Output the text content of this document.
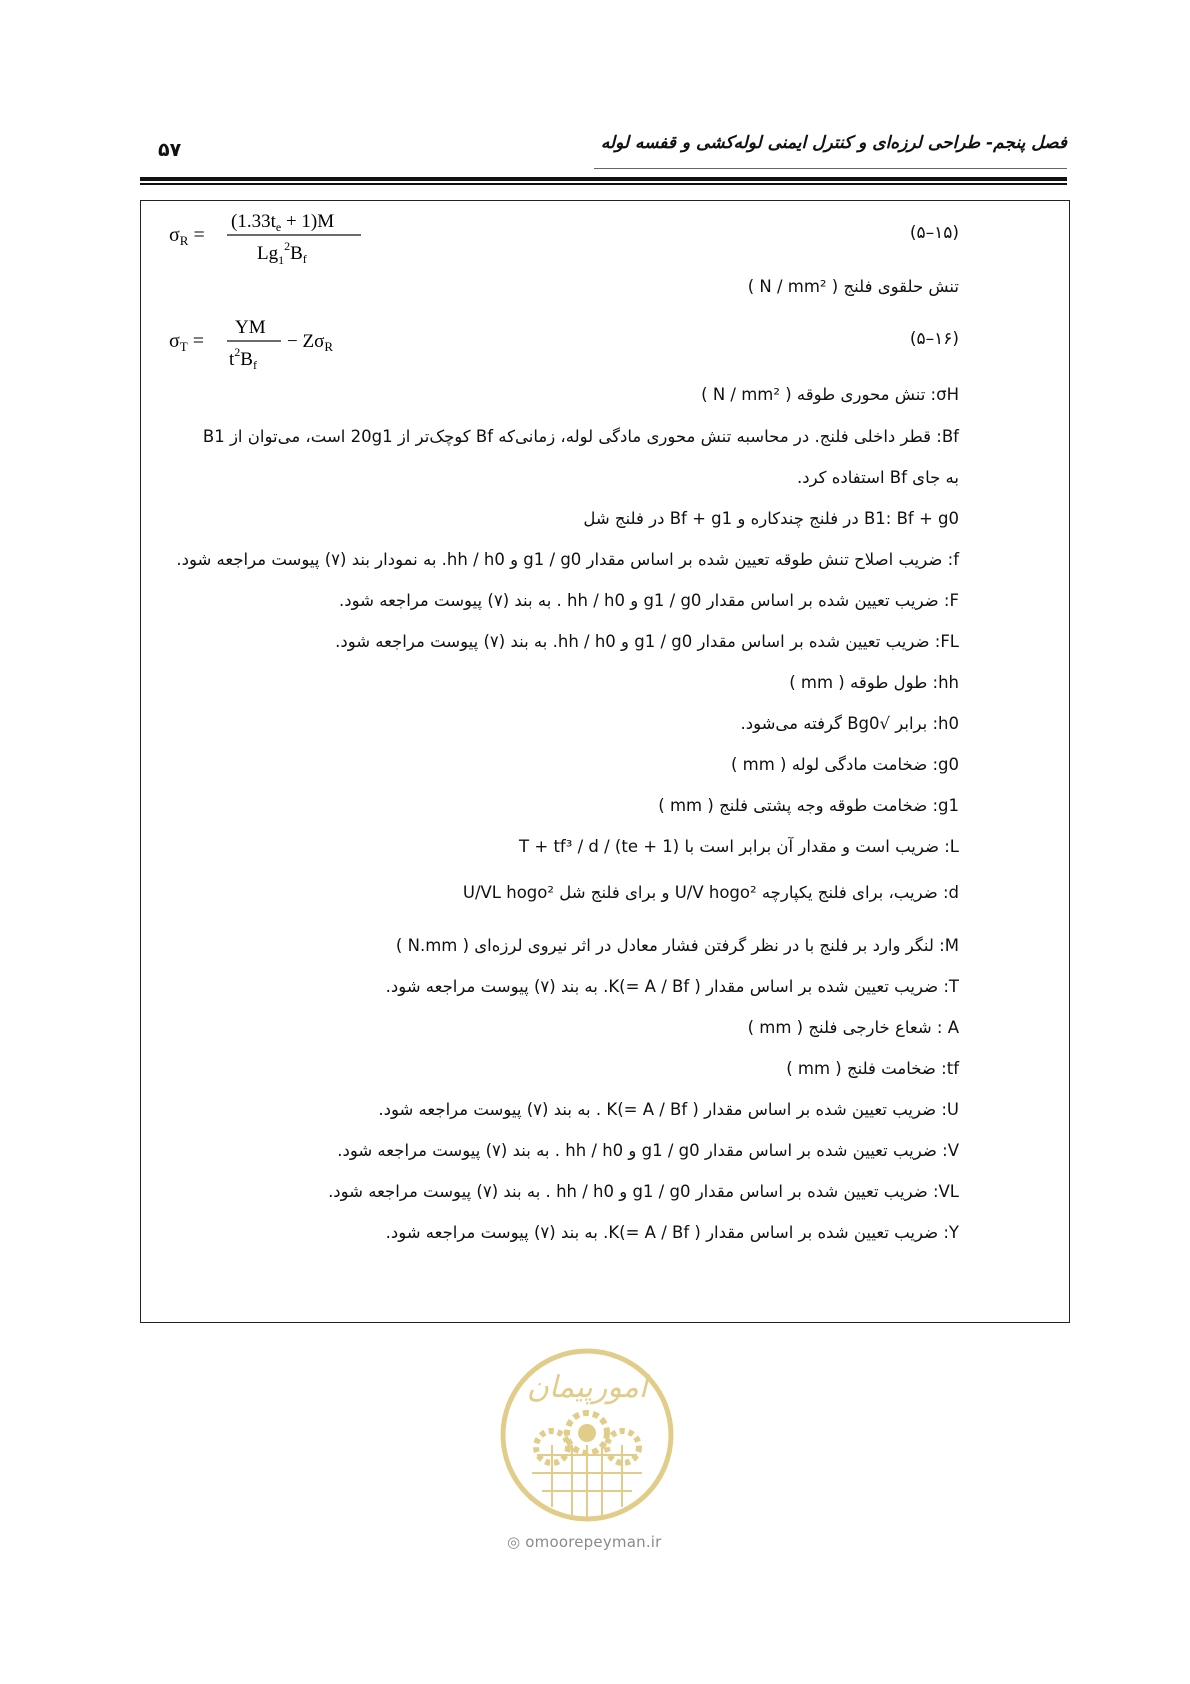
فصل پنجم- طراحی لرزه‌ای و کنترل ایمنی لوله‌کشی و قفسه لوله
۵۷
$\sigma_R$ =
$(1.33t_e + 1)M$
$Lg_1^2B_f$
(۵–۱۵)
تنش حلقوی فلنج ( N / mm² )
$\sigma_T$ =
YM
$t^2B_f$
− $Z\sigma_R$	(۵–۱۶)
σH: تنش محوری طوقه ( N / mm² )
Bf: قطر داخلی فلنج. در محاسبه تنش محوری مادگی لوله، زمانی‌که Bf کوچک‌تر از 20g1 است، می‌توان از B1
به جای Bf استفاده کرد.
B1: Bf + g0 در فلنج چندکاره و Bf + g1 در فلنج شل
f: ضریب اصلاح تنش طوقه تعیین شده بر اساس مقدار g1 / g0 و hh / h0. به نمودار بند (۷) پیوست مراجعه شود.
F: ضریب تعیین شده بر اساس مقدار g1 / g0 و hh / h0 . به بند (۷) پیوست مراجعه شود.
FL: ضریب تعیین شده بر اساس مقدار g1 / g0 و hh / h0. به بند (۷) پیوست مراجعه شود.
hh: طول طوقه ( mm )
h0: برابر √Bg0 گرفته می‌شود.
g0: ضخامت مادگی لوله ( mm )
g1: ضخامت طوقه وجه پشتی فلنج ( mm )
L: ضریب است و مقدار آن برابر است با (te + 1) / T + tf³ / d
d: ضریب، برای فلنج یکپارچه U/V hogo² و برای فلنج شل U/VL hogo²
M: لنگر وارد بر فلنج با در نظر گرفتن فشار معادل در اثر نیروی لرزه‌ای ( N.mm )
T: ضریب تعیین شده بر اساس مقدار K(= A / Bf ). به بند (۷) پیوست مراجعه شود.
A : شعاع خارجی فلنج ( mm )
tf: ضخامت فلنج ( mm )
U: ضریب تعیین شده بر اساس مقدار K(= A / Bf ) . به بند (۷) پیوست مراجعه شود.
V: ضریب تعیین شده بر اساس مقدار g1 / g0 و hh / h0 . به بند (۷) پیوست مراجعه شود.
VL: ضریب تعیین شده بر اساس مقدار g1 / g0 و hh / h0 . به بند (۷) پیوست مراجعه شود.
Y: ضریب تعیین شده بر اساس مقدار K(= A / Bf ). به بند (۷) پیوست مراجعه شود.
امورپیمان
◎ omoorepeyman.ir
